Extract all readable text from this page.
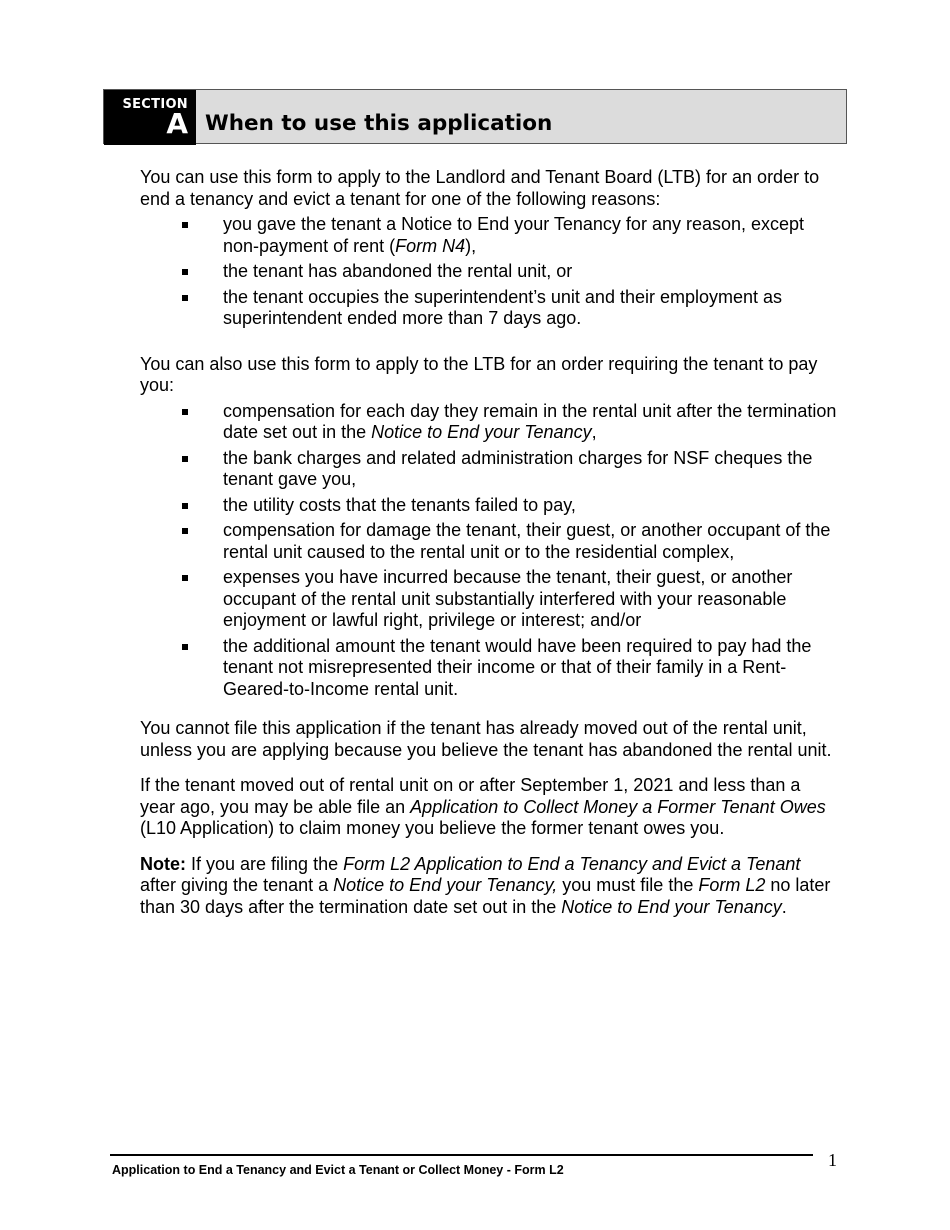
SECTION
A When to use this application

You can use this form to apply to the Landlord and Tenant Board (LTB) for an order to end a tenancy and evict a tenant for one of the following reasons:

you gave the tenant a Notice to End your Tenancy for any reason, except non-payment of rent (Form N4),
the tenant has abandoned the rental unit, or
the tenant occupies the superintendent’s unit and their employment as superintendent ended more than 7 days ago.

You can also use this form to apply to the LTB for an order requiring the tenant to pay you:

compensation for each day they remain in the rental unit after the termination date set out in the Notice to End your Tenancy,
the bank charges and related administration charges for NSF cheques the tenant gave you,
the utility costs that the tenants failed to pay,
compensation for damage the tenant, their guest, or another occupant of the rental unit caused to the rental unit or to the residential complex,
expenses you have incurred because the tenant, their guest, or another occupant of the rental unit substantially interfered with your reasonable enjoyment or lawful right, privilege or interest; and/or
the additional amount the tenant would have been required to pay had the tenant not misrepresented their income or that of their family in a Rent-Geared-to-Income rental unit.

You cannot file this application if the tenant has already moved out of the rental unit, unless you are applying because you believe the tenant has abandoned the rental unit.

If the tenant moved out of rental unit on or after September 1, 2021 and less than a year ago, you may be able file an Application to Collect Money a Former Tenant Owes (L10 Application) to claim money you believe the former tenant owes you.

Note: If you are filing the Form L2 Application to End a Tenancy and Evict a Tenant after giving the tenant a Notice to End your Tenancy, you must file the Form L2 no later than 30 days after the termination date set out in the Notice to End your Tenancy.

Application to End a Tenancy and Evict a Tenant or Collect Money - Form L2	1
